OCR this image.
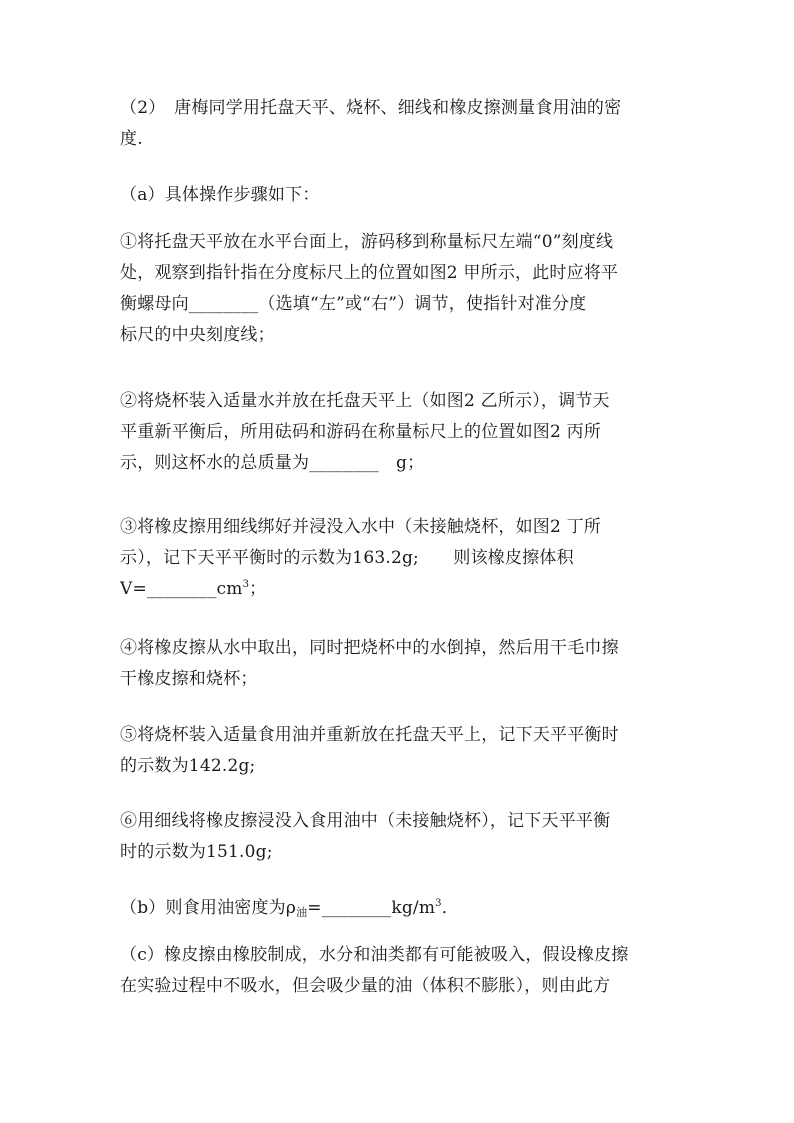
（2）　唐梅同学用托盘天平、烧杯、细线和橡皮擦测量食用油的密
度.

（a）具体操作步骤如下：

①将托盘天平放在水平台面上，游码移到称量标尺左端“0”刻度线
处，观察到指针指在分度标尺上的位置如图2 甲所示，此时应将平
衡螺母向________（选填“左”或“右”）调节，使指针对准分度
标尺的中央刻度线；

②将烧杯装入适量水并放在托盘天平上（如图2 乙所示），调节天
平重新平衡后，所用砝码和游码在称量标尺上的位置如图2 丙所
示，则这杯水的总质量为________　g；

③将橡皮擦用细线绑好并浸没入水中（未接触烧杯，如图2 丁所
示），记下天平平衡时的示数为163.2g;　　则该橡皮擦体积
$V=\_\_\_\_\_\_\_\_cm^3$；

④将橡皮擦从水中取出，同时把烧杯中的水倒掉，然后用干毛巾擦
干橡皮擦和烧杯；

⑤将烧杯装入适量食用油并重新放在托盘天平上，记下天平平衡时
的示数为142.2g;

⑥用细线将橡皮擦浸没入食用油中（未接触烧杯），记下天平平衡
时的示数为151.0g;

（b）则食用油密度为$\rho_油=\_\_\_\_\_\_\_\_kg/m^3$．

（c）橡皮擦由橡胶制成，水分和油类都有可能被吸入，假设橡皮擦
在实验过程中不吸水，但会吸少量的油（体积不膨胀），则由此方
